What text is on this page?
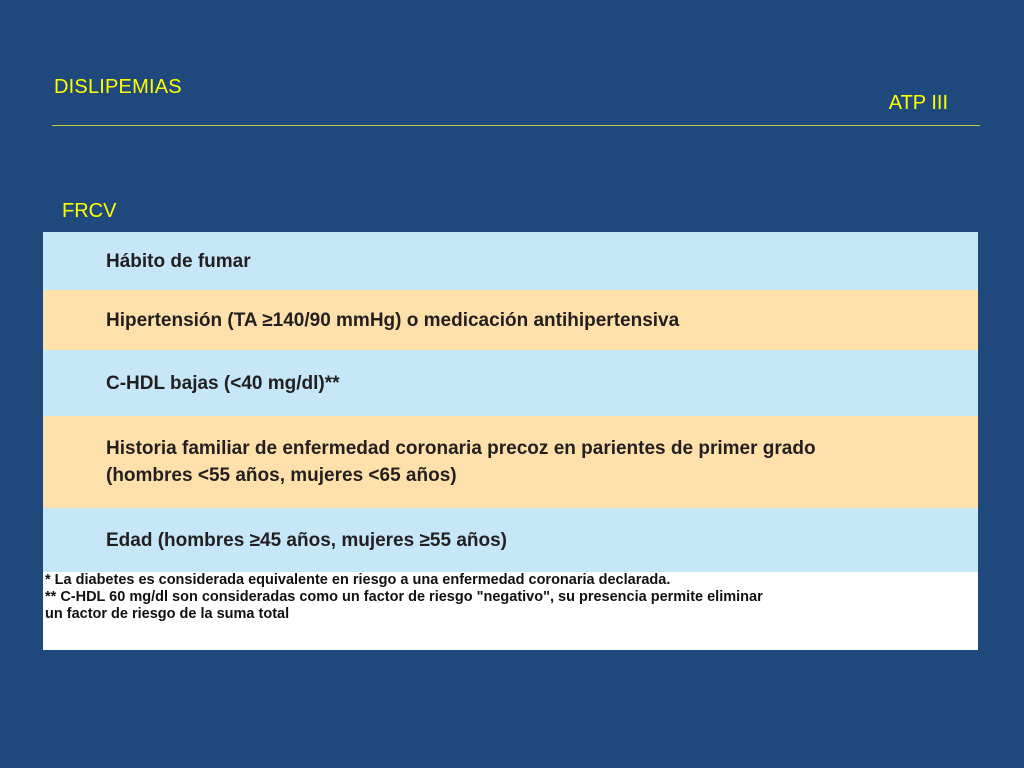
DISLIPEMIAS
ATP III
FRCV
Hábito de fumar
Hipertensión (TA ≥140/90 mmHg) o medicación antihipertensiva
C-HDL bajas (<40 mg/dl)**
Historia familiar de enfermedad coronaria precoz en parientes de primer grado
(hombres <55 años, mujeres <65 años)
Edad (hombres ≥45 años, mujeres ≥55 años)
* La diabetes es considerada equivalente en riesgo a una enfermedad coronaria declarada.
** C-HDL 60 mg/dl son consideradas como un factor de riesgo "negativo", su presencia permite eliminar
un factor de riesgo de la suma total
